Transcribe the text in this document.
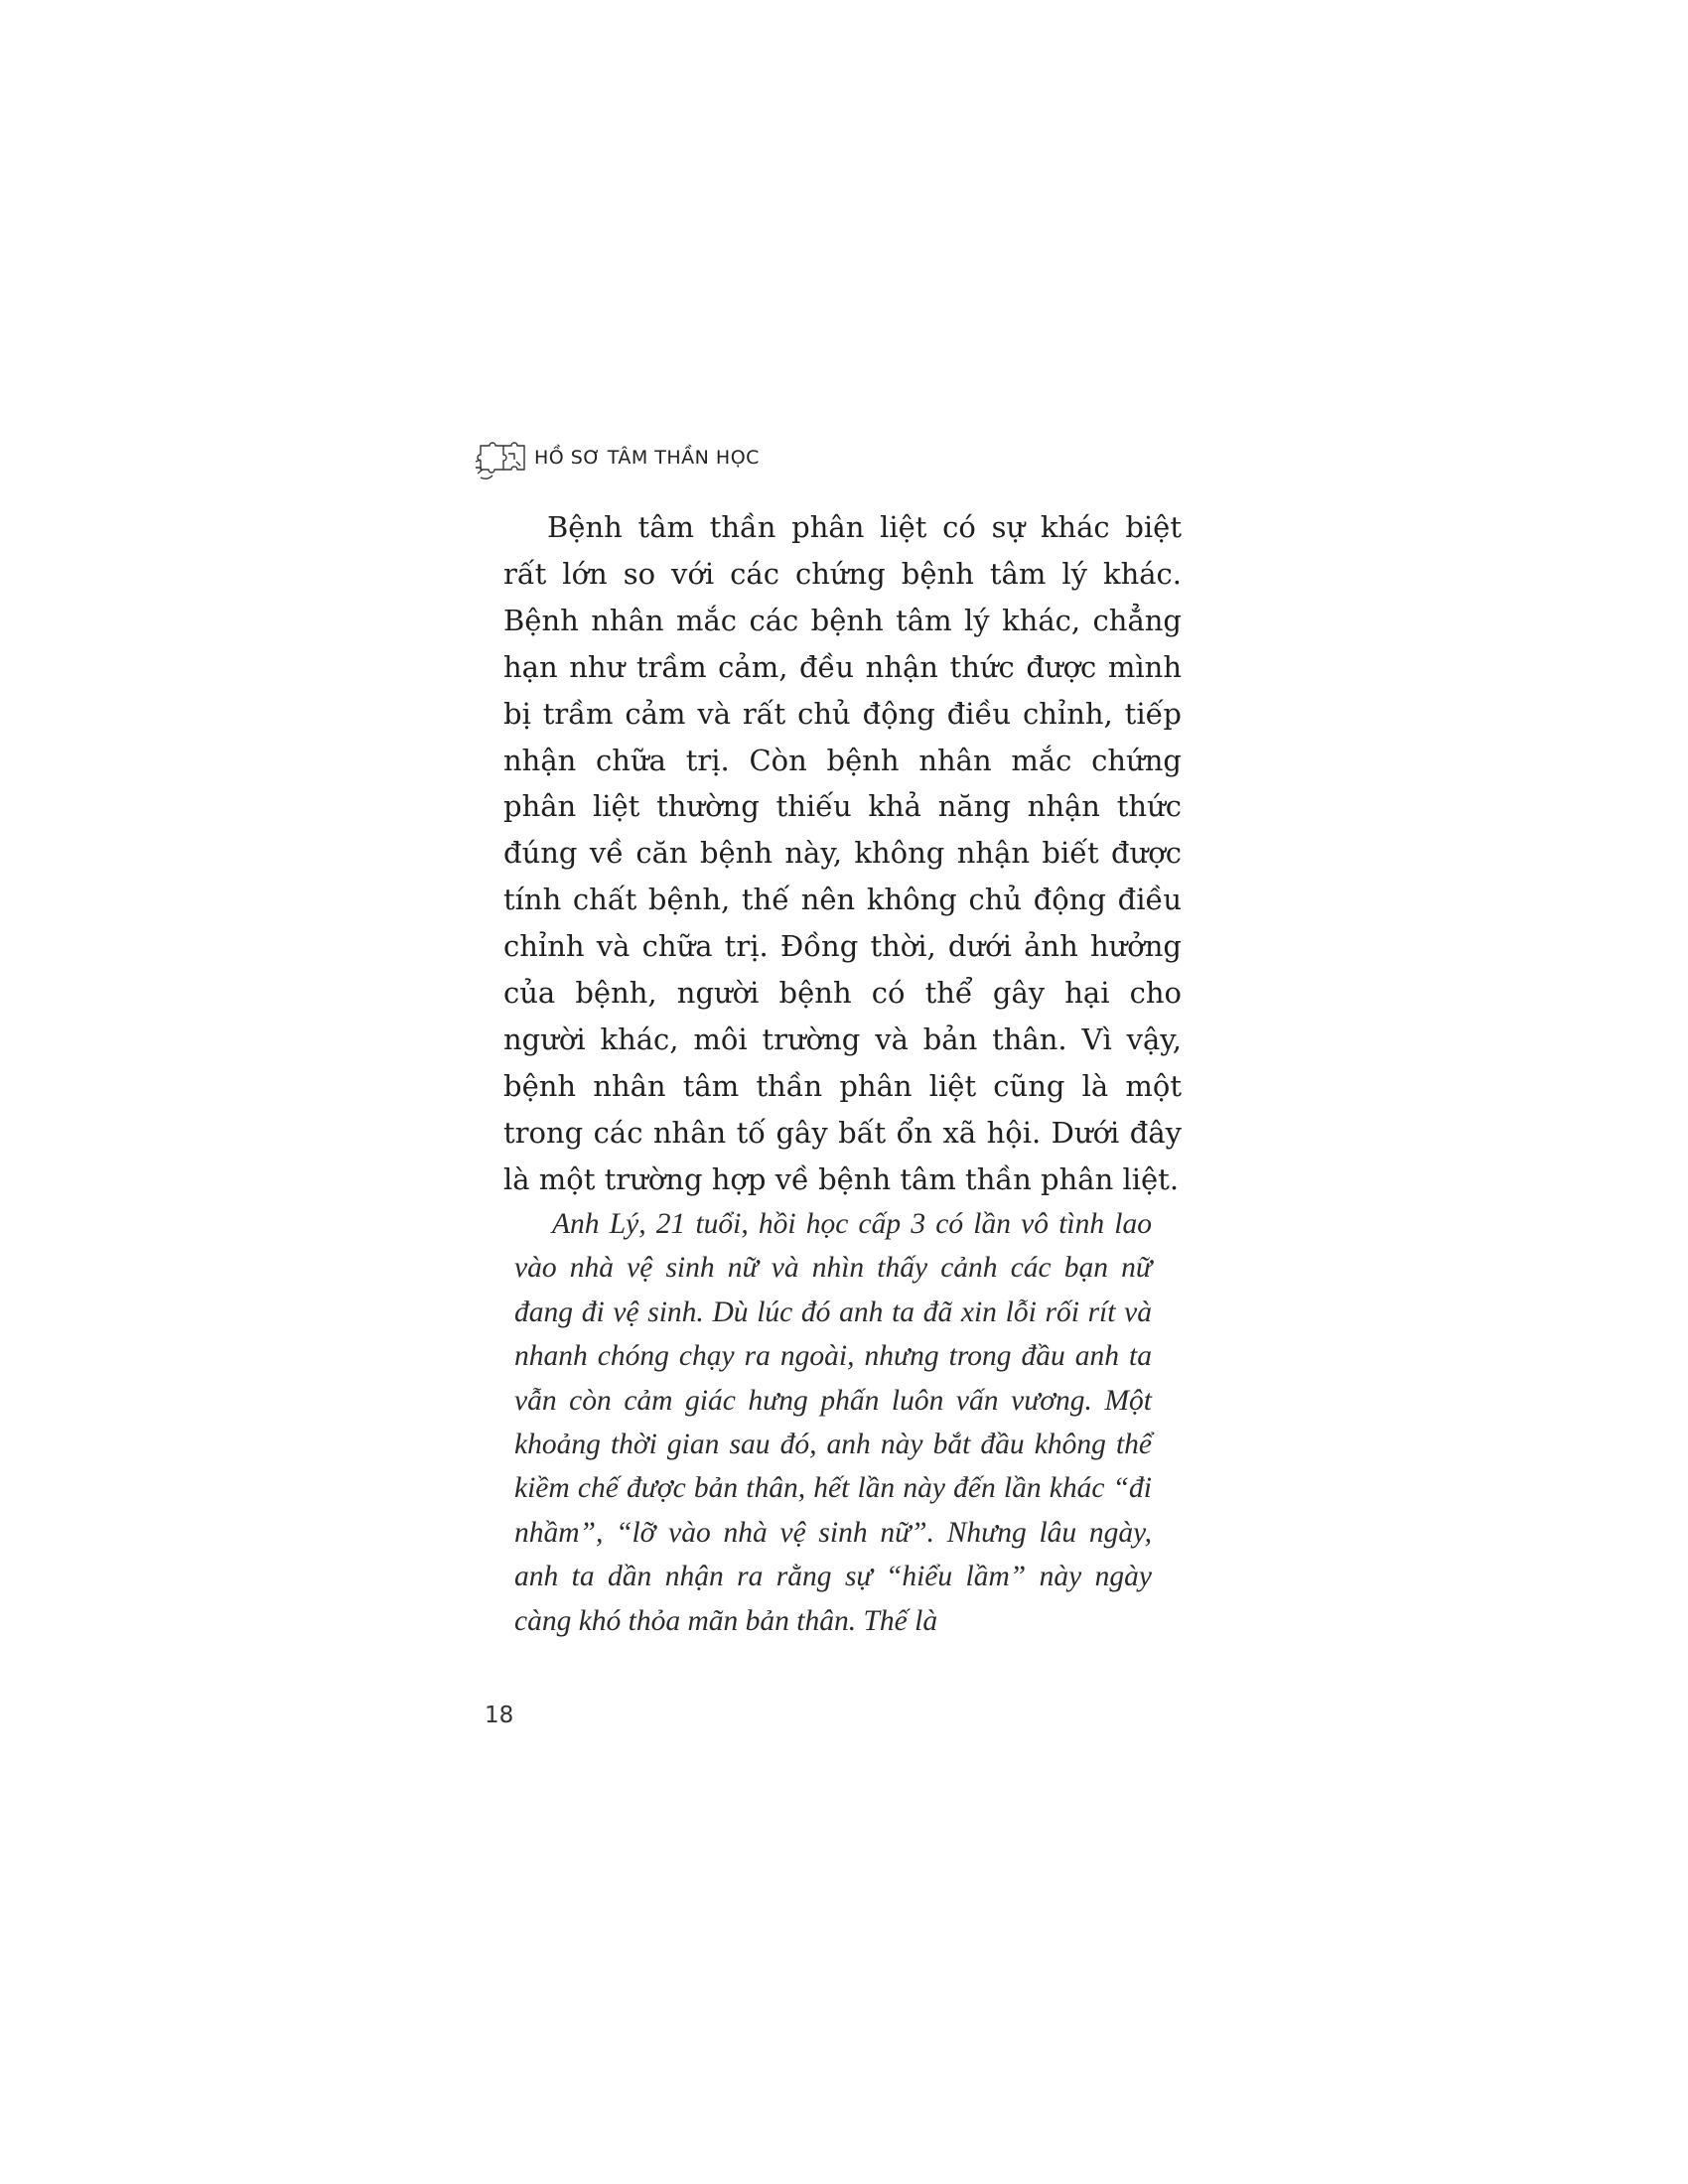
HỒ SƠ TÂM THẦN HỌC

Bệnh tâm thần phân liệt có sự khác biệt rất lớn so với các chứng bệnh tâm lý khác. Bệnh nhân mắc các bệnh tâm lý khác, chẳng hạn như trầm cảm, đều nhận thức được mình bị trầm cảm và rất chủ động điều chỉnh, tiếp nhận chữa trị. Còn bệnh nhân mắc chứng phân liệt thường thiếu khả năng nhận thức đúng về căn bệnh này, không nhận biết được tính chất bệnh, thế nên không chủ động điều chỉnh và chữa trị. Đồng thời, dưới ảnh hưởng của bệnh, người bệnh có thể gây hại cho người khác, môi trường và bản thân. Vì vậy, bệnh nhân tâm thần phân liệt cũng là một trong các nhân tố gây bất ổn xã hội. Dưới đây là một trường hợp về bệnh tâm thần phân liệt.

Anh Lý, 21 tuổi, hồi học cấp 3 có lần vô tình lao vào nhà vệ sinh nữ và nhìn thấy cảnh các bạn nữ đang đi vệ sinh. Dù lúc đó anh ta đã xin lỗi rối rít và nhanh chóng chạy ra ngoài, nhưng trong đầu anh ta vẫn còn cảm giác hưng phấn luôn vấn vương. Một khoảng thời gian sau đó, anh này bắt đầu không thể kiềm chế được bản thân, hết lần này đến lần khác “đi nhầm”, “lỡ vào nhà vệ sinh nữ”. Nhưng lâu ngày, anh ta dần nhận ra rằng sự “hiểu lầm” này ngày càng khó thỏa mãn bản thân. Thế là

18
